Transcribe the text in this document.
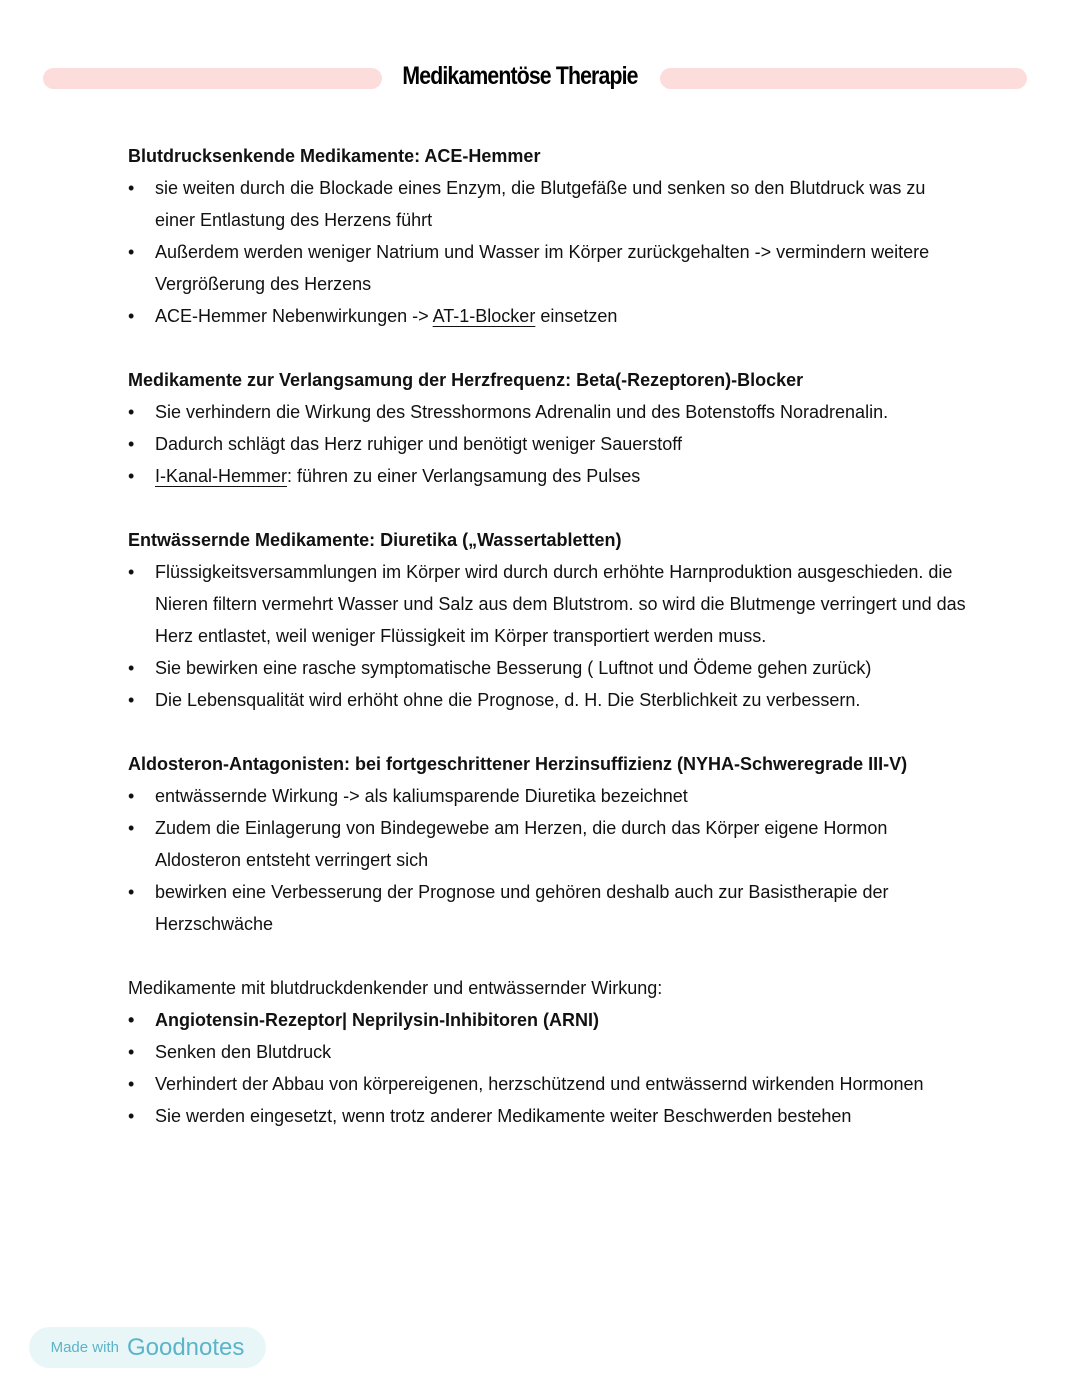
Medikamentöse Therapie
Blutdrucksenkende Medikamente: ACE-Hemmer
• sie weiten durch die Blockade eines Enzym, die Blutgefäße und senken so den Blutdruck was zu einer Entlastung des Herzens führt
• Außerdem werden weniger Natrium und Wasser im Körper zurückgehalten -> vermindern weitere Vergrößerung des Herzens
• ACE-Hemmer Nebenwirkungen -> AT-1-Blocker einsetzen
Medikamente zur Verlangsamung der Herzfrequenz: Beta(-Rezeptoren)-Blocker
• Sie verhindern die Wirkung des Stresshormons Adrenalin und des Botenstoffs Noradrenalin.
• Dadurch schlägt das Herz ruhiger und benötigt weniger Sauerstoff
• I-Kanal-Hemmer: führen zu einer Verlangsamung des Pulses
Entwässernde Medikamente: Diuretika („Wassertabletten)
• Flüssigkeitsversammlungen im Körper wird durch durch erhöhte Harnproduktion ausgeschieden. die Nieren filtern vermehrt Wasser und Salz aus dem Blutstrom. so wird die Blutmenge verringert und das Herz entlastet, weil weniger Flüssigkeit im Körper transportiert werden muss.
• Sie bewirken eine rasche symptomatische Besserung ( Luftnot und Ödeme gehen zurück)
• Die Lebensqualität wird erhöht ohne die Prognose, d. H. Die Sterblichkeit zu verbessern.
Aldosteron-Antagonisten: bei fortgeschrittener Herzinsuffizienz (NYHA-Schweregrade III-V)
• entwässernde Wirkung -> als kaliumsparende Diuretika bezeichnet
• Zudem die Einlagerung von Bindegewebe am Herzen, die durch das Körper eigene Hormon Aldosteron entsteht verringert sich
• bewirken eine Verbesserung der Prognose und gehören deshalb auch zur Basistherapie der Herzschwäche
Medikamente mit blutdruckdenkender und entwässernder Wirkung:
• Angiotensin-Rezeptor| Neprilysin-Inhibitoren (ARNI)
• Senken den Blutdruck
• Verhindert der Abbau von körpereigenen, herzschützend und entwässernd wirkenden Hormonen
• Sie werden eingesetzt, wenn trotz anderer Medikamente weiter Beschwerden bestehen
Made with Goodnotes
